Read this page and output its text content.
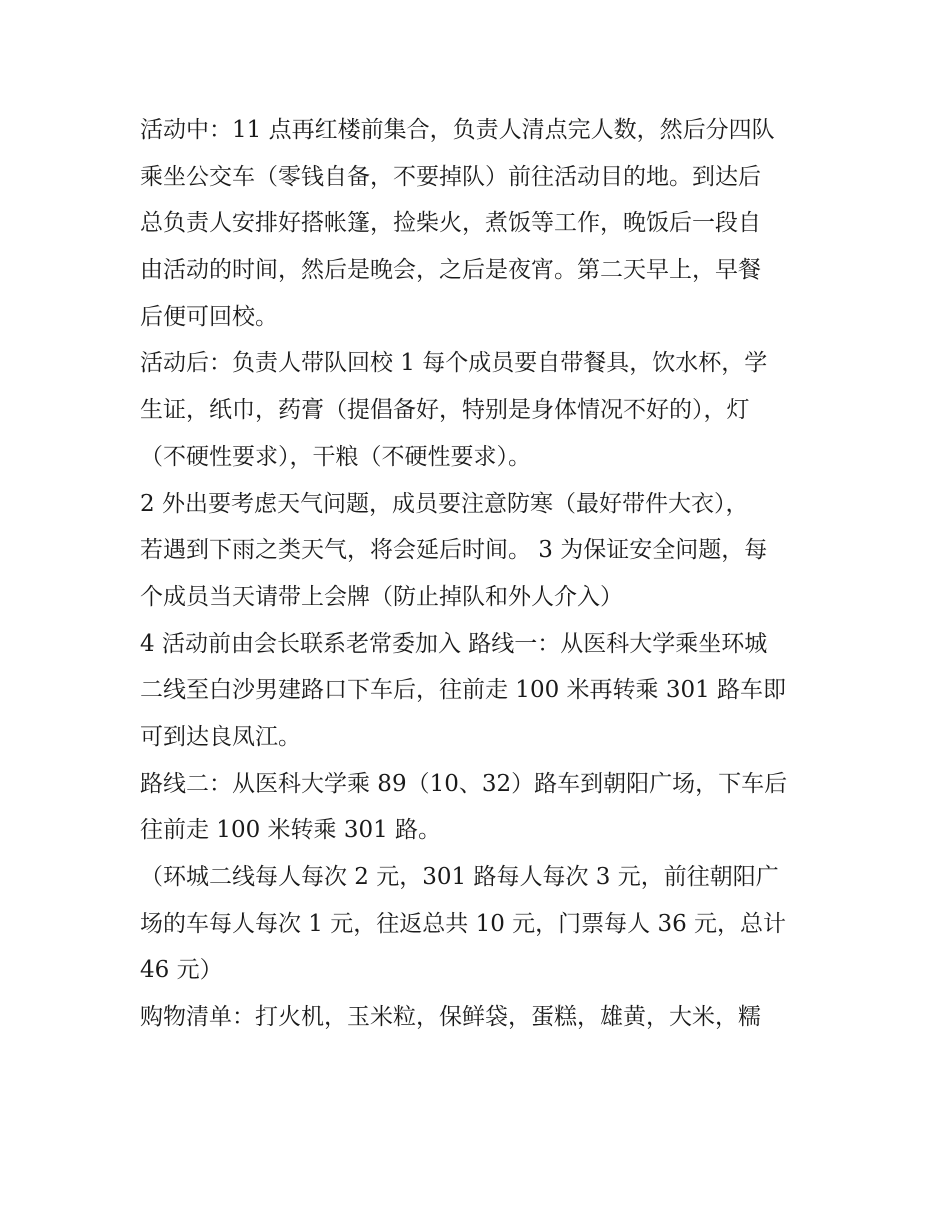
活动中：11 点再红楼前集合，负责人清点完人数，然后分四队
乘坐公交车（零钱自备，不要掉队）前往活动目的地。到达后
总负责人安排好搭帐篷，捡柴火，煮饭等工作，晚饭后一段自
由活动的时间，然后是晚会，之后是夜宵。第二天早上，早餐
后便可回校。
活动后：负责人带队回校 1 每个成员要自带餐具，饮水杯，学
生证，纸巾，药膏（提倡备好，特别是身体情况不好的），灯
（不硬性要求），干粮（不硬性要求）。
2 外出要考虑天气问题，成员要注意防寒（最好带件大衣），
若遇到下雨之类天气，将会延后时间。 3 为保证安全问题，每
个成员当天请带上会牌（防止掉队和外人介入）
4 活动前由会长联系老常委加入 路线一：从医科大学乘坐环城
二线至白沙男建路口下车后，往前走 100 米再转乘 301 路车即
可到达良凤江。
路线二：从医科大学乘 89（10、32）路车到朝阳广场，下车后
往前走 100 米转乘 301 路。
（环城二线每人每次 2 元，301 路每人每次 3 元，前往朝阳广
场的车每人每次 1 元，往返总共 10 元，门票每人 36 元，总计
46 元）
购物清单：打火机，玉米粒，保鲜袋，蛋糕，雄黄，大米，糯
